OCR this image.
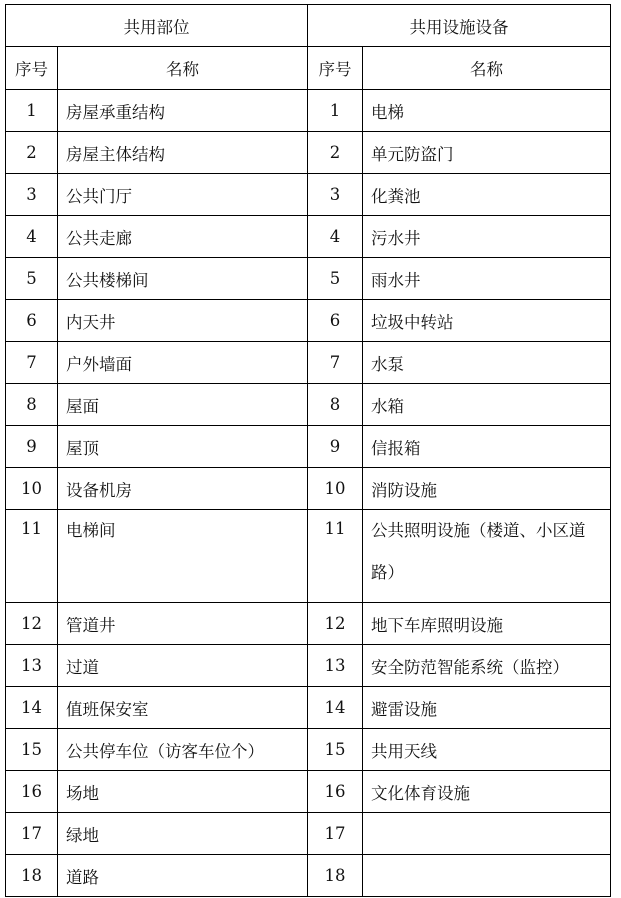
共用部位		共用设施设备	
序号	名称	序号	名称
1	房屋承重结构	1	电梯
2	房屋主体结构	2	单元防盗门
3	公共门厅	3	化粪池
4	公共走廊	4	污水井
5	公共楼梯间	5	雨水井
6	内天井	6	垃圾中转站
7	户外墙面	7	水泵
8	屋面	8	水箱
9	屋顶	9	信报箱
10	设备机房	10	消防设施
11	电梯间	11	公共照明设施（楼道、小区道路）
12	管道井	12	地下车库照明设施
13	过道	13	安全防范智能系统（监控）
14	值班保安室	14	避雷设施
15	公共停车位（访客车位个）	15	共用天线
16	场地	16	文化体育设施
17	绿地	17	
18	道路	18	
